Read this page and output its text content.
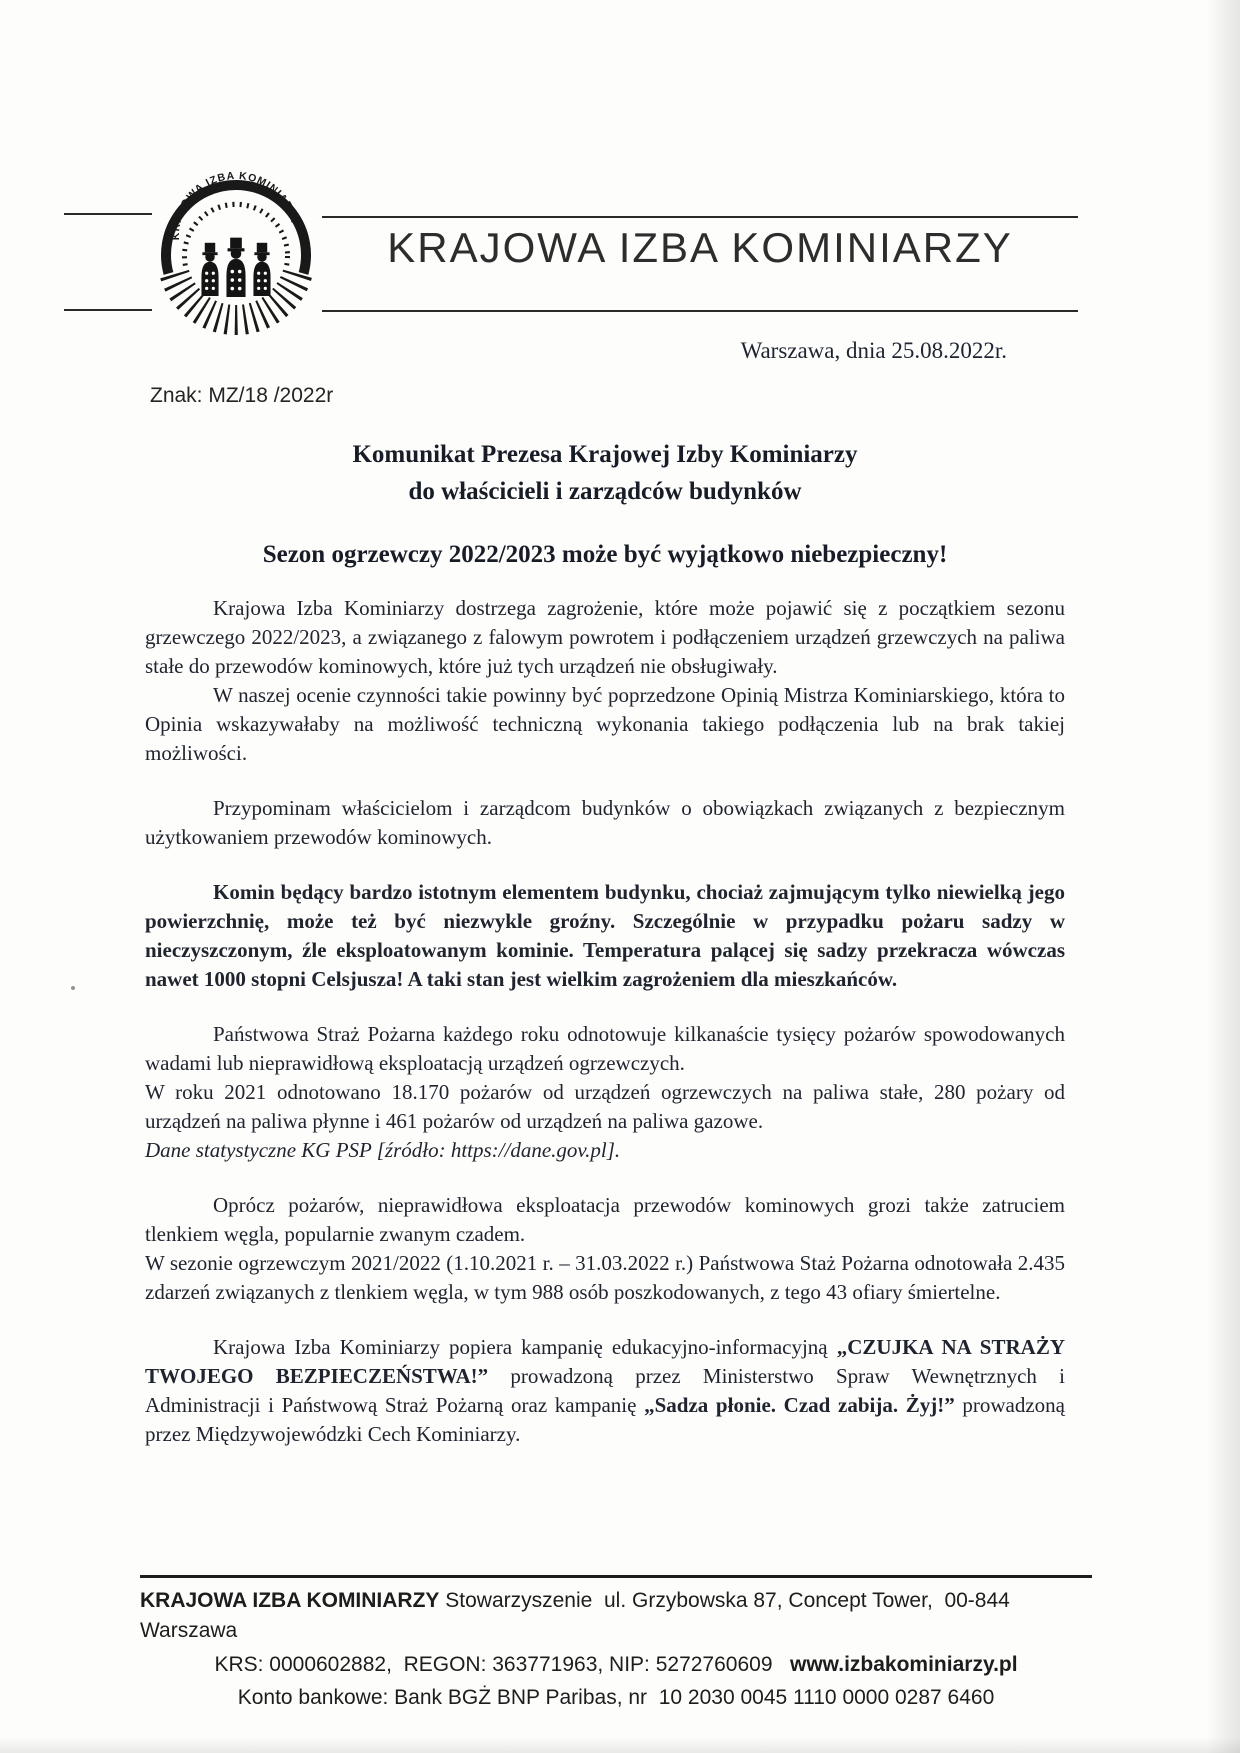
KRAJOWA IZBA KOMINIARZY
KRAJOWA IZBA KOMINIARZY
Warszawa, dnia 25.08.2022r.
Znak: MZ/18 /2022r
Komunikat Prezesa Krajowej Izby Kominiarzy
do właścicieli i zarządców budynków
Sezon ogrzewczy 2022/2023 może być wyjątkowo niebezpieczny!

Krajowa Izba Kominiarzy dostrzega zagrożenie, które może pojawić się z początkiem sezonu grzewczego 2022/2023, a związanego z falowym powrotem i podłączeniem urządzeń grzewczych na paliwa stałe do przewodów kominowych, które już tych urządzeń nie obsługiwały.

W naszej ocenie czynności takie powinny być poprzedzone Opinią Mistrza Kominiarskiego, która to Opinia wskazywałaby na możliwość techniczną wykonania takiego podłączenia lub na brak takiej możliwości.

Przypominam właścicielom i zarządcom budynków o obowiązkach związanych z bezpiecznym użytkowaniem przewodów kominowych.

Komin będący bardzo istotnym elementem budynku, chociaż zajmującym tylko niewielką jego powierzchnię, może też być niezwykle groźny. Szczególnie w przypadku pożaru sadzy w nieczyszczonym, źle eksploatowanym kominie. Temperatura palącej się sadzy przekracza wówczas nawet 1000 stopni Celsjusza! A taki stan jest wielkim zagrożeniem dla mieszkańców.

Państwowa Straż Pożarna każdego roku odnotowuje kilkanaście tysięcy pożarów spowodowanych wadami lub nieprawidłową eksploatacją urządzeń ogrzewczych.

W roku 2021 odnotowano 18.170 pożarów od urządzeń ogrzewczych na paliwa stałe, 280 pożary od urządzeń na paliwa płynne i 461 pożarów od urządzeń na paliwa gazowe.

Dane statystyczne KG PSP [źródło: https://dane.gov.pl].

Oprócz pożarów, nieprawidłowa eksploatacja przewodów kominowych grozi także zatruciem tlenkiem węgla, popularnie zwanym czadem.

W sezonie ogrzewczym 2021/2022 (1.10.2021 r. – 31.03.2022 r.) Państwowa Staż Pożarna odnotowała 2.435 zdarzeń związanych z tlenkiem węgla, w tym 988 osób poszkodowanych, z tego 43 ofiary śmiertelne.

Krajowa Izba Kominiarzy popiera kampanię edukacyjno-informacyjną „CZUJKA NA STRAŻY TWOJEGO BEZPIECZEŃSTWA!” prowadzoną przez Ministerstwo Spraw Wewnętrznych i Administracji i Państwową Straż Pożarną oraz kampanię „Sadza płonie. Czad zabija. Żyj!” prowadzoną przez Międzywojewódzki Cech Kominiarzy.

KRAJOWA IZBA KOMINIARZY Stowarzyszenie  ul. Grzybowska 87, Concept Tower,  00-844 Warszawa
KRS: 0000602882,  REGON: 363771963, NIP: 5272760609   www.izbakominiarzy.pl
Konto bankowe: Bank BGŻ BNP Paribas, nr  10 2030 0045 1110 0000 0287 6460
